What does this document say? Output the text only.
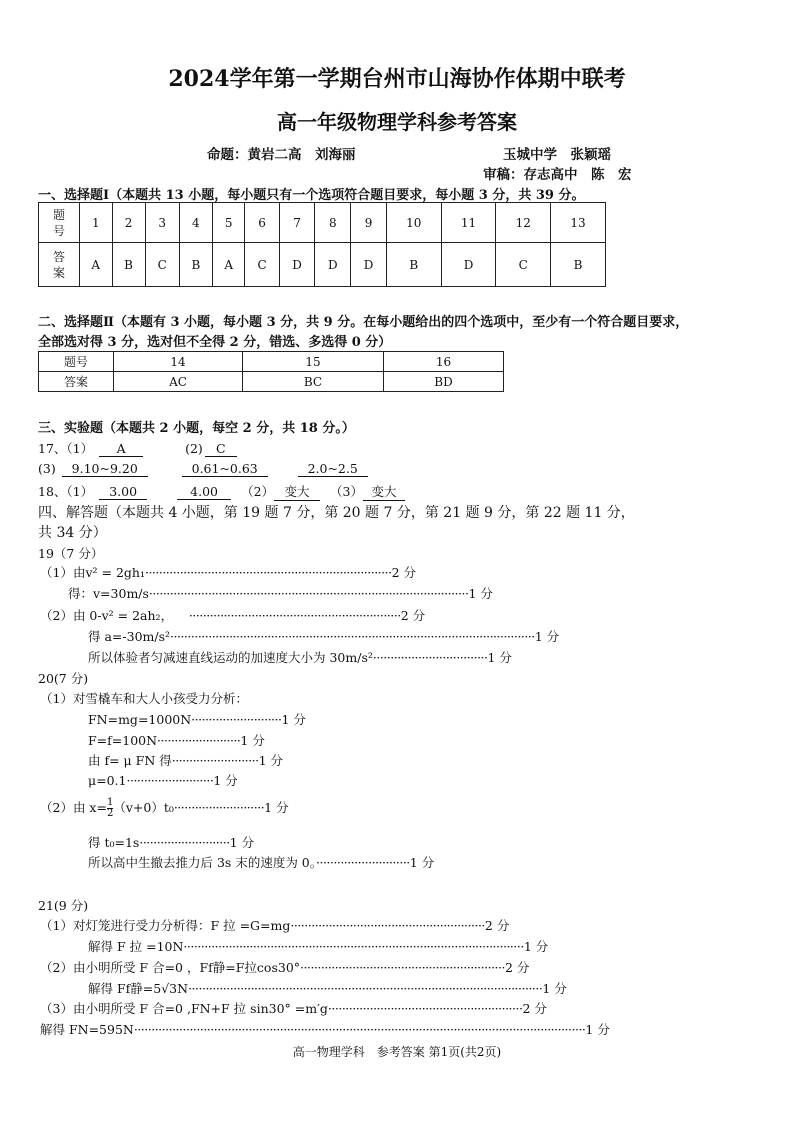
2024学年第一学期台州市山海协作体期中联考
高一年级物理学科参考答案
命题：黄岩二高　刘海丽	玉城中学　张颖瑶
审稿：存志高中　陈　宏
一、选择题Ⅰ（本题共 13 小题，每小题只有一个选项符合题目要求，每小题 3 分，共 39 分。
题号	1	2	3	4	5	6	7	8	9	10	11	12	13
答案	A	B	C	B	A	C	D	D	D	B	D	C	B
二、选择题Ⅱ（本题有 3 小题，每小题 3 分，共 9 分。在每小题给出的四个选项中，至少有一个符合题目要求，
全部选对得 3 分，选对但不全得 2 分，错选、多选得 0 分）
题号	14	15	16
答案	AC	BC	BD
三、实验题（本题共 2 小题，每空 2 分，共 18 分。）
17、（1） A	(2) C
(3) 9.10~9.20	0.61~0.63	2.0~2.5
18、（1） 3.00	4.00 （2） 变大 （3） 变大
四、解答题（本题共 4 小题，第 19 题 7 分，第 20 题 7 分，第 21 题 9 分，第 22 题 11 分，
共 34 分）
19（7 分）
（1）由v² = 2gh₁·······································································2 分
得：v=30m/s····························································································1 分
（2）由 0-v² = 2ah₂， ·····························································2 分
得 a=-30m/s²·········································································································1 分
所以体验者匀减速直线运动的加速度大小为 30m/s²·································1 分
20(7 分)
（1）对雪橇车和大人小孩受力分析：
FN=mg=1000N··························1 分
F=f=100N························1 分
由 f= μ FN 得·························1 分
μ=0.1·························1 分
（2）由 $x= \frac{1}{2} (v+0)t_0\cdot\cdot\cdot\cdot\cdot\cdot\cdot\cdot\cdot\cdot\cdot\cdot\cdot\cdot\cdot\cdot\cdot\cdot\cdot\cdot\cdot\cdot\cdot\cdot\cdot\cdot 1$ 分
得 t₀=1s··························1 分
所以高中生撤去推力后 3s 末的速度为 0。···························1 分
21(9 分)
（1）对灯笼进行受力分析得：F 拉 =G=mg························································2 分
解得 F 拉 =10N··································································································1 分
（2）由小明所受 F 合=0 ，Ff静=F拉cos30°···························································2 分
解得 Ff静=5√3N······································································································1 分
（3）由小明所受 F 合=0 ,FN+F 拉 sin30° =m′g························································2 分
解得 FN=595N··································································································································1 分
高一物理学科　参考答案 第1页(共2页)
